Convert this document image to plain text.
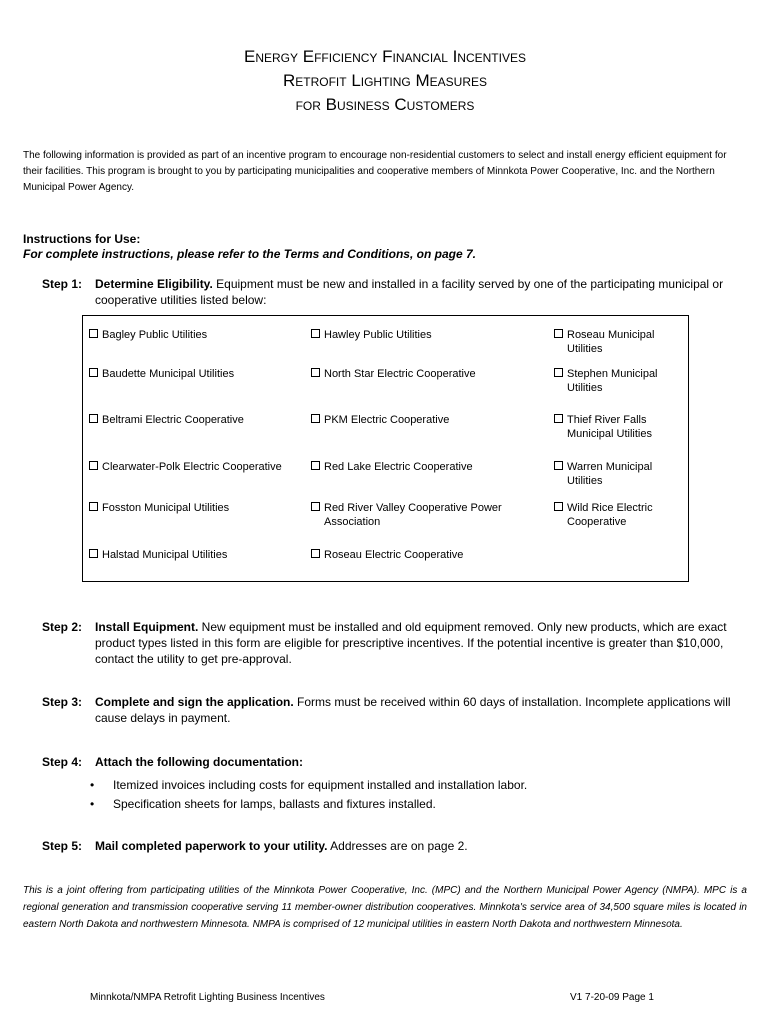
Energy Efficiency Financial Incentives
Retrofit Lighting Measures
for Business Customers
The following information is provided as part of an incentive program to encourage non-residential customers to select and install energy efficient equipment for their facilities. This program is brought to you by participating municipalities and cooperative members of Minnkota Power Cooperative, Inc. and the Northern Municipal Power Agency.
Instructions for Use:
For complete instructions, please refer to the Terms and Conditions, on page 7.
Step 1: Determine Eligibility. Equipment must be new and installed in a facility served by one of the participating municipal or cooperative utilities listed below:
Bagley Public Utilities
Baudette Municipal Utilities
Beltrami Electric Cooperative
Clearwater-Polk Electric Cooperative
Fosston Municipal Utilities
Halstad Municipal Utilities
Hawley Public Utilities
North Star Electric Cooperative
PKM Electric Cooperative
Red Lake Electric Cooperative
Red River Valley Cooperative Power Association
Roseau Electric Cooperative
Roseau Municipal Utilities
Stephen Municipal Utilities
Thief River Falls Municipal Utilities
Warren Municipal Utilities
Wild Rice Electric Cooperative
Step 2: Install Equipment. New equipment must be installed and old equipment removed. Only new products, which are exact product types listed in this form are eligible for prescriptive incentives. If the potential incentive is greater than $10,000, contact the utility to get pre-approval.
Step 3: Complete and sign the application. Forms must be received within 60 days of installation. Incomplete applications will cause delays in payment.
Step 4: Attach the following documentation:
• Itemized invoices including costs for equipment installed and installation labor.
• Specification sheets for lamps, ballasts and fixtures installed.
Step 5: Mail completed paperwork to your utility. Addresses are on page 2.
This is a joint offering from participating utilities of the Minnkota Power Cooperative, Inc. (MPC) and the Northern Municipal Power Agency (NMPA). MPC is a regional generation and transmission cooperative serving 11 member-owner distribution cooperatives. Minnkota's service area of 34,500 square miles is located in eastern North Dakota and northwestern Minnesota. NMPA is comprised of 12 municipal utilities in eastern North Dakota and northwestern Minnesota.
Minnkota/NMPA Retrofit Lighting Business Incentives	V1 7-20-09 Page 1
